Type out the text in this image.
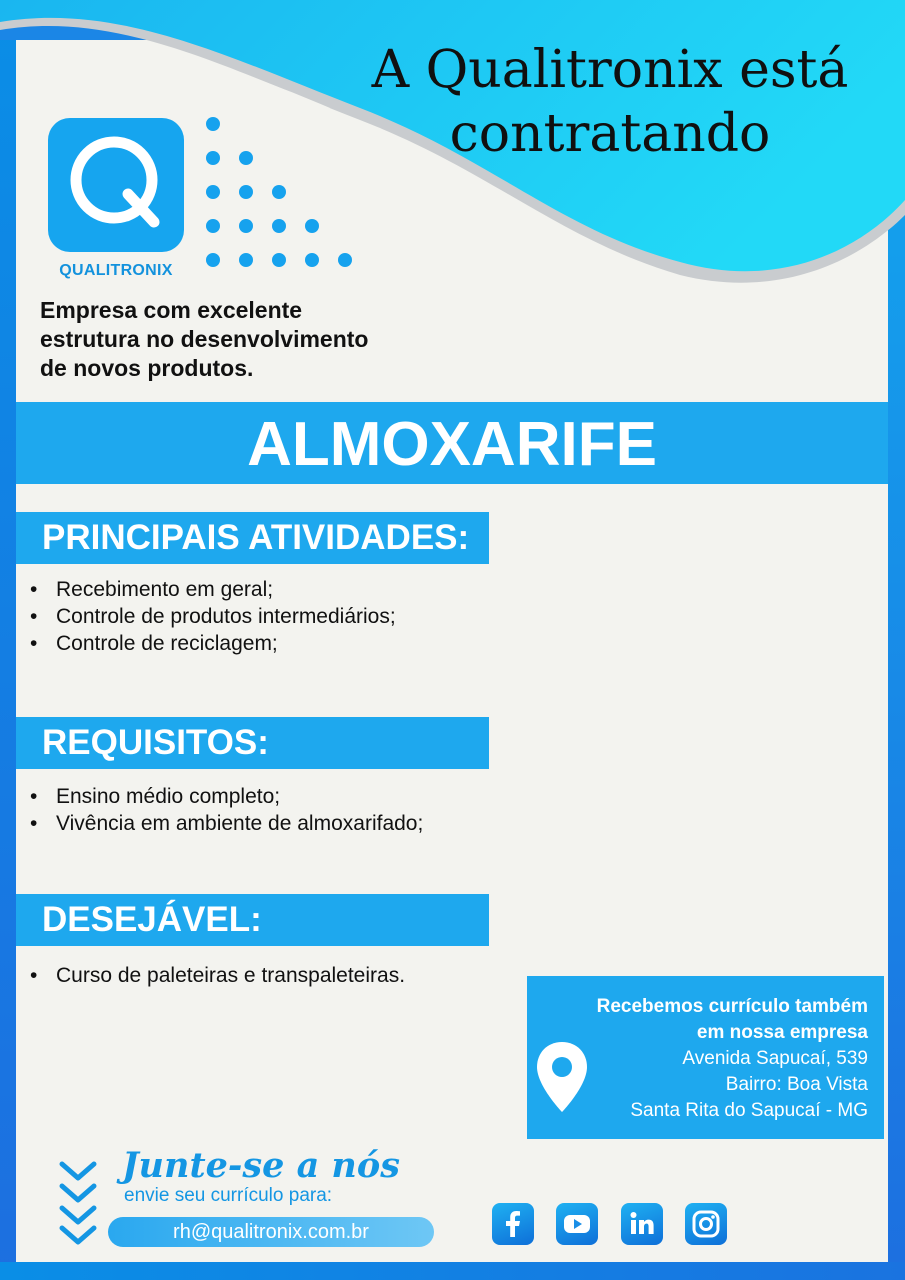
A Qualitronix está
contratando
QUALITRONIX
Empresa com excelente
estrutura no desenvolvimento
de novos produtos.
ALMOXARIFE
PRINCIPAIS ATIVIDADES:
• Recebimento em geral;
• Controle de produtos intermediários;
• Controle de reciclagem;
REQUISITOS:
• Ensino médio completo;
• Vivência em ambiente de almoxarifado;
DESEJÁVEL:
• Curso de paleteiras e transpaleteiras.
Recebemos currículo também
em nossa empresa
Avenida Sapucaí, 539
Bairro: Boa Vista
Santa Rita do Sapucaí - MG
Junte-se a nós
envie seu currículo para:
rh@qualitronix.com.br
